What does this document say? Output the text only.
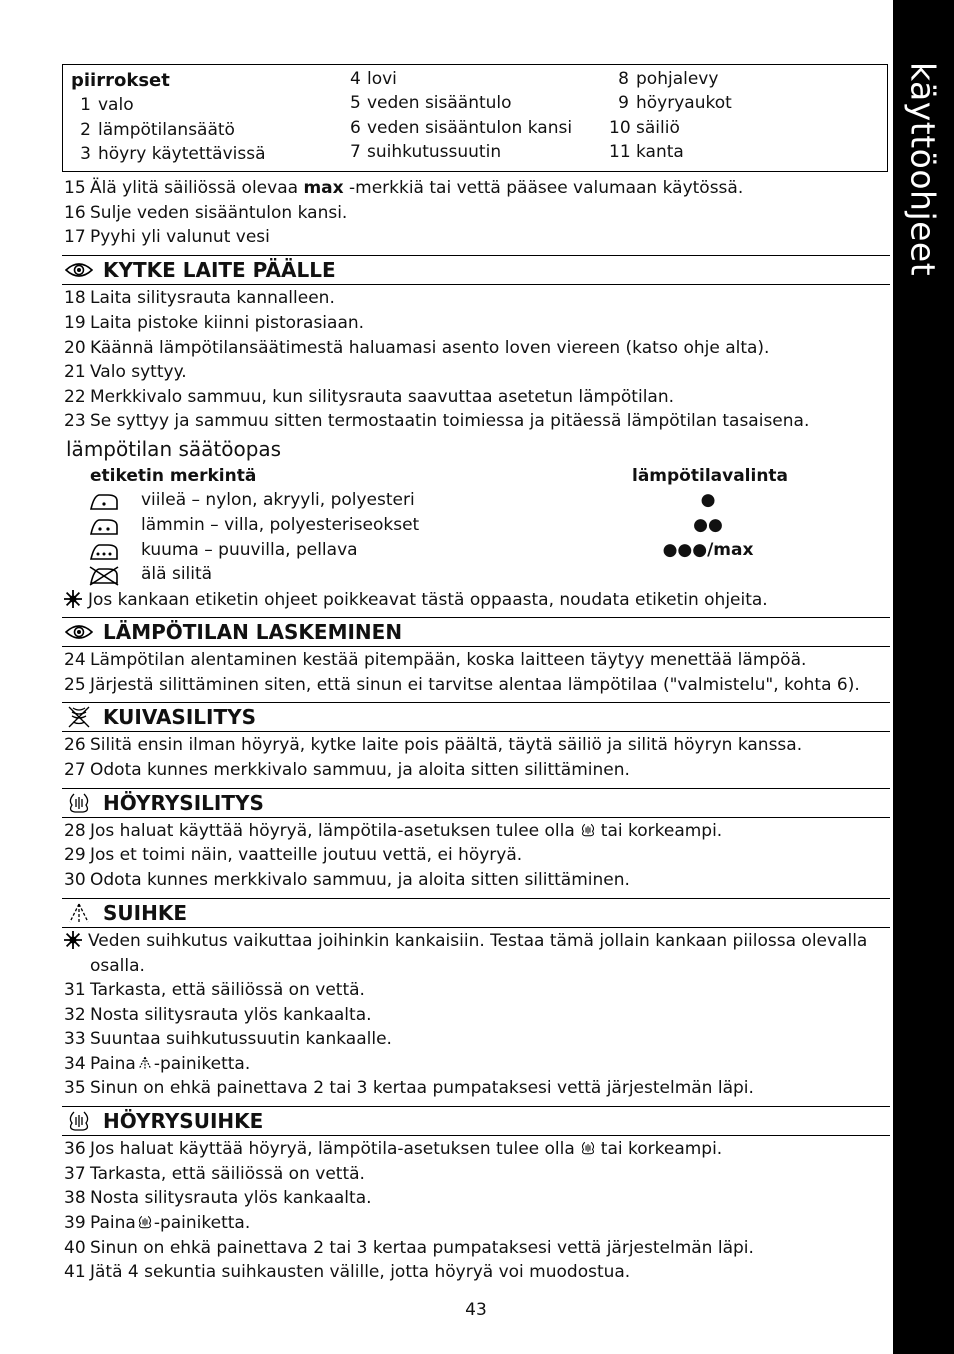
käyttöohjeet
piirrokset
1 valo
2 lämpötilansäätö
3 höyry käytettävissä
4 lovi
5 veden sisääntulo
6 veden sisääntulon kansi
7 suihkutussuutin
8 pohjalevy
9 höyryaukot
10 säiliö
11 kanta
15 Älä ylitä säiliössä olevaa max -merkkiä tai vettä pääsee valumaan käytössä.
16 Sulje veden sisääntulon kansi.
17 Pyyhi yli valunut vesi
KYTKE LAITE PÄÄLLE
18 Laita silitysrauta kannalleen.
19 Laita pistoke kiinni pistorasiaan.
20 Käännä lämpötilansäätimestä haluamasi asento loven viereen (katso ohje alta).
21 Valo syttyy.
22 Merkkivalo sammuu, kun silitysrauta saavuttaa asetetun lämpötilan.
23 Se syttyy ja sammuu sitten termostaatin toimiessa ja pitäessä lämpötilan tasaisena.
lämpötilan säätöopas
etiketin merkintä	lämpötilavalinta
viileä – nylon, akryyli, polyesteri	●
lämmin – villa, polyesteriseokset	●●
kuuma – puuvilla, pellava	●●●/max
älä silitä
Jos kankaan etiketin ohjeet poikkeavat tästä oppaasta, noudata etiketin ohjeita.
LÄMPÖTILAN LASKEMINEN
24 Lämpötilan alentaminen kestää pitempään, koska laitteen täytyy menettää lämpöä.
25 Järjestä silittäminen siten, että sinun ei tarvitse alentaa lämpötilaa ("valmistelu", kohta 6).
KUIVASILITYS
26 Silitä ensin ilman höyryä, kytke laite pois päältä, täytä säiliö ja silitä höyryn kanssa.
27 Odota kunnes merkkivalo sammuu, ja aloita sitten silittäminen.
HÖYRYSILITYS
28 Jos haluat käyttää höyryä, lämpötila-asetuksen tulee olla tai korkeampi.
29 Jos et toimi näin, vaatteille joutuu vettä, ei höyryä.
30 Odota kunnes merkkivalo sammuu, ja aloita sitten silittäminen.
SUIHKE
Veden suihkutus vaikuttaa joihinkin kankaisiin. Testaa tämä jollain kankaan piilossa olevalla
osalla.
31 Tarkasta, että säiliössä on vettä.
32 Nosta silitysrauta ylös kankaalta.
33 Suuntaa suihkutussuutin kankaalle.
34 Paina -painiketta.
35 Sinun on ehkä painettava 2 tai 3 kertaa pumpataksesi vettä järjestelmän läpi.
HÖYRYSUIHKE
36 Jos haluat käyttää höyryä, lämpötila-asetuksen tulee olla tai korkeampi.
37 Tarkasta, että säiliössä on vettä.
38 Nosta silitysrauta ylös kankaalta.
39 Paina -painiketta.
40 Sinun on ehkä painettava 2 tai 3 kertaa pumpataksesi vettä järjestelmän läpi.
41 Jätä 4 sekuntia suihkausten välille, jotta höyryä voi muodostua.
43
